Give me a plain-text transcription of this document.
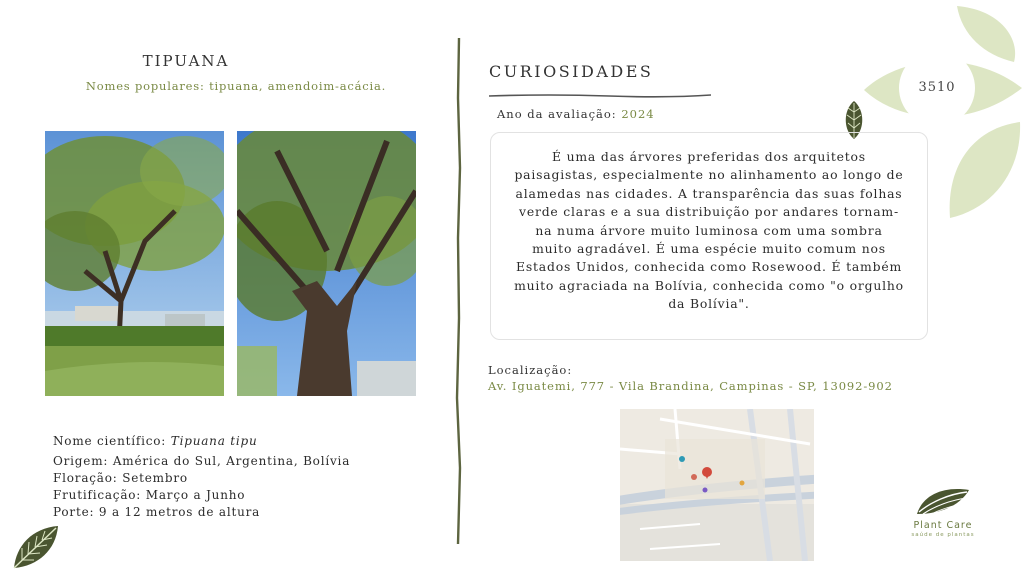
TIPUANA
Nomes populares: tipuana, amendoim-acácia.
Nome científico: Tipuana tipu
Origem: América do Sul, Argentina, Bolívia
Floração: Setembro
Frutificação: Março a Junho
Porte: 9 a 12 metros de altura
CURIOSIDADES
Ano da avaliação: 2024
É uma das árvores preferidas dos arquitetos paisagistas, especialmente no alinhamento ao longo de alamedas nas cidades. A transparência das suas folhas verde claras e a sua distribuição por andares tornam-na numa árvore muito luminosa com uma sombra muito agradável. É uma espécie muito comum nos Estados Unidos, conhecida como Rosewood. É também muito agraciada na Bolívia, conhecida como "o orgulho da Bolívia".
Localização:
Av. Iguatemi, 777 - Vila Brandina, Campinas - SP, 13092-902
3510
Plant Care
saúde de plantas
